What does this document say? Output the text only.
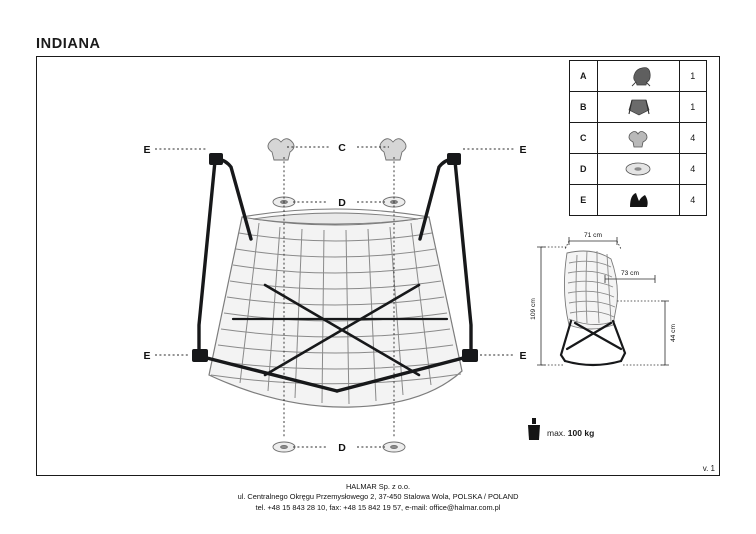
INDIANA
C
D
D
E	E
E	E
A		1
B		1
C		4
D		4
E		4
71 cm
73 cm
109 cm
44 cm
max. 100 kg
v. 1
HALMAR Sp. z o.o.
ul. Centralnego Okręgu Przemysłowego 2, 37-450 Stalowa Wola, POLSKA / POLAND
tel. +48 15 843 28 10, fax: +48 15 842 19 57, e-mail: office@halmar.com.pl
